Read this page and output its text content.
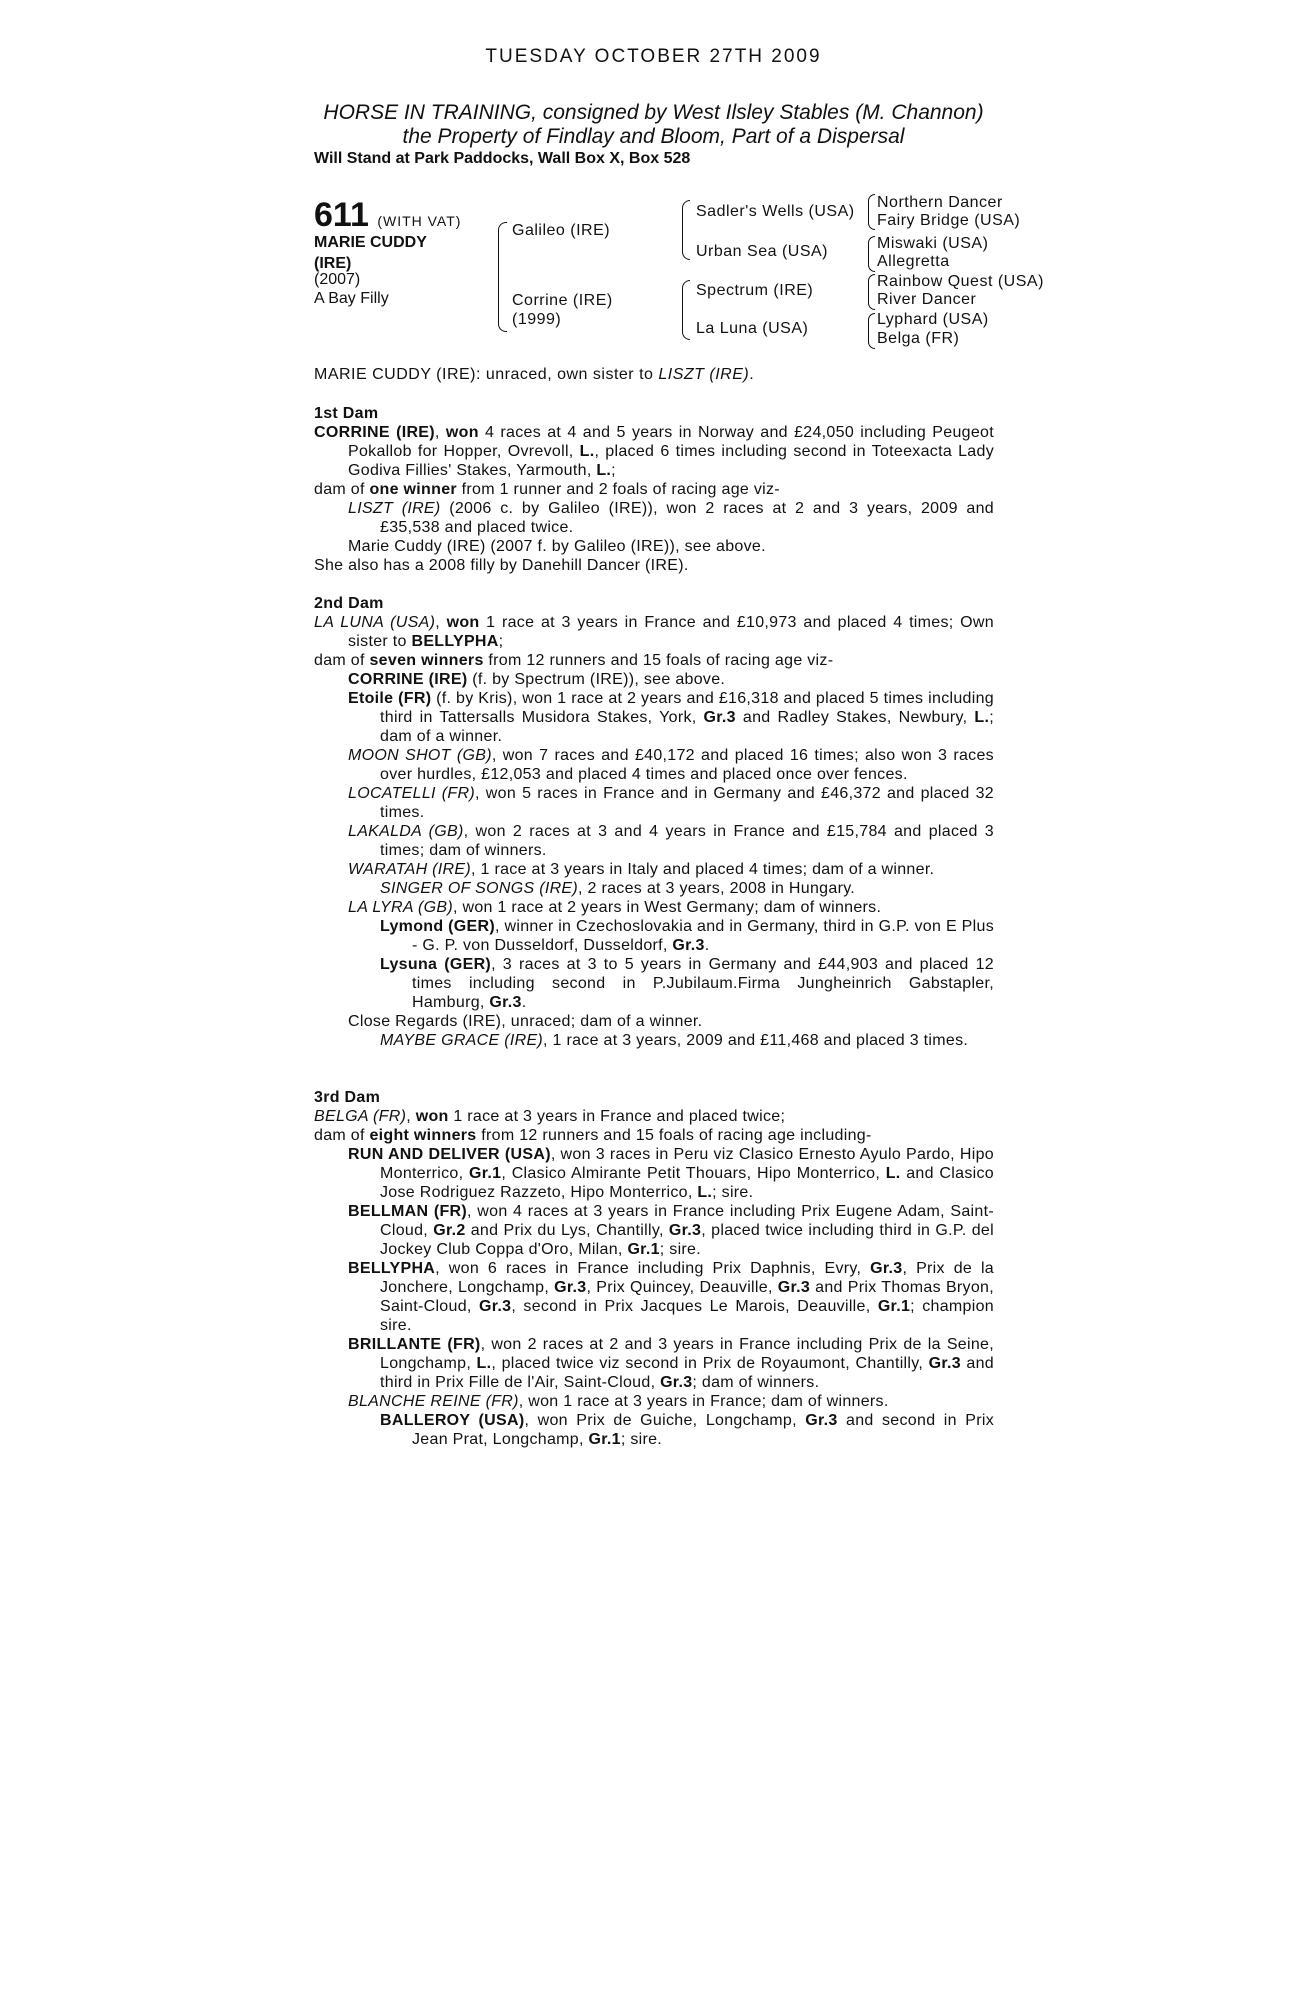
TUESDAY OCTOBER 27TH 2009
HORSE IN TRAINING, consigned by West Ilsley Stables (M. Channon)
the Property of Findlay and Bloom, Part of a Dispersal
Will Stand at Park Paddocks, Wall Box X, Box 528
611 (WITH VAT)
MARIE CUDDY
(IRE)
(2007)
A Bay Filly
Galileo (IRE)
Corrine (IRE)
(1999)
Sadler's Wells (USA)
Urban Sea (USA)
Spectrum (IRE)
La Luna (USA)
Northern Dancer
Fairy Bridge (USA)
Miswaki (USA)
Allegretta
Rainbow Quest (USA)
River Dancer
Lyphard (USA)
Belga (FR)
MARIE CUDDY (IRE): unraced, own sister to LISZT (IRE).
1st Dam

CORRINE (IRE), won 4 races at 4 and 5 years in Norway and £24,050 including Peugeot Pokallob for Hopper, Ovrevoll, L., placed 6 times including second in Toteexacta Lady Godiva Fillies' Stakes, Yarmouth, L.;

dam of one winner from 1 runner and 2 foals of racing age viz-

LISZT (IRE) (2006 c. by Galileo (IRE)), won 2 races at 2 and 3 years, 2009 and £35,538 and placed twice.

Marie Cuddy (IRE) (2007 f. by Galileo (IRE)), see above.

She also has a 2008 filly by Danehill Dancer (IRE).

2nd Dam

LA LUNA (USA), won 1 race at 3 years in France and £10,973 and placed 4 times; Own sister to BELLYPHA;

dam of seven winners from 12 runners and 15 foals of racing age viz-

CORRINE (IRE) (f. by Spectrum (IRE)), see above.

Etoile (FR) (f. by Kris), won 1 race at 2 years and £16,318 and placed 5 times including third in Tattersalls Musidora Stakes, York, Gr.3 and Radley Stakes, Newbury, L.; dam of a winner.

MOON SHOT (GB), won 7 races and £40,172 and placed 16 times; also won 3 races over hurdles, £12,053 and placed 4 times and placed once over fences.

LOCATELLI (FR), won 5 races in France and in Germany and £46,372 and placed 32 times.

LAKALDA (GB), won 2 races at 3 and 4 years in France and £15,784 and placed 3 times; dam of winners.

WARATAH (IRE), 1 race at 3 years in Italy and placed 4 times; dam of a winner.

SINGER OF SONGS (IRE), 2 races at 3 years, 2008 in Hungary.

LA LYRA (GB), won 1 race at 2 years in West Germany; dam of winners.

Lymond (GER), winner in Czechoslovakia and in Germany, third in G.P. von E Plus - G. P. von Dusseldorf, Dusseldorf, Gr.3.

Lysuna (GER), 3 races at 3 to 5 years in Germany and £44,903 and placed 12 times including second in P.Jubilaum.Firma Jungheinrich Gabstapler, Hamburg, Gr.3.

Close Regards (IRE), unraced; dam of a winner.

MAYBE GRACE (IRE), 1 race at 3 years, 2009 and £11,468 and placed 3 times.

3rd Dam

BELGA (FR), won 1 race at 3 years in France and placed twice;

dam of eight winners from 12 runners and 15 foals of racing age including-

RUN AND DELIVER (USA), won 3 races in Peru viz Clasico Ernesto Ayulo Pardo, Hipo Monterrico, Gr.1, Clasico Almirante Petit Thouars, Hipo Monterrico, L. and Clasico Jose Rodriguez Razzeto, Hipo Monterrico, L.; sire.

BELLMAN (FR), won 4 races at 3 years in France including Prix Eugene Adam, Saint-Cloud, Gr.2 and Prix du Lys, Chantilly, Gr.3, placed twice including third in G.P. del Jockey Club Coppa d'Oro, Milan, Gr.1; sire.

BELLYPHA, won 6 races in France including Prix Daphnis, Evry, Gr.3, Prix de la Jonchere, Longchamp, Gr.3, Prix Quincey, Deauville, Gr.3 and Prix Thomas Bryon, Saint-Cloud, Gr.3, second in Prix Jacques Le Marois, Deauville, Gr.1; champion sire.

BRILLANTE (FR), won 2 races at 2 and 3 years in France including Prix de la Seine, Longchamp, L., placed twice viz second in Prix de Royaumont, Chantilly, Gr.3 and third in Prix Fille de l'Air, Saint-Cloud, Gr.3; dam of winners.

BLANCHE REINE (FR), won 1 race at 3 years in France; dam of winners.

BALLEROY (USA), won Prix de Guiche, Longchamp, Gr.3 and second in Prix Jean Prat, Longchamp, Gr.1; sire.
